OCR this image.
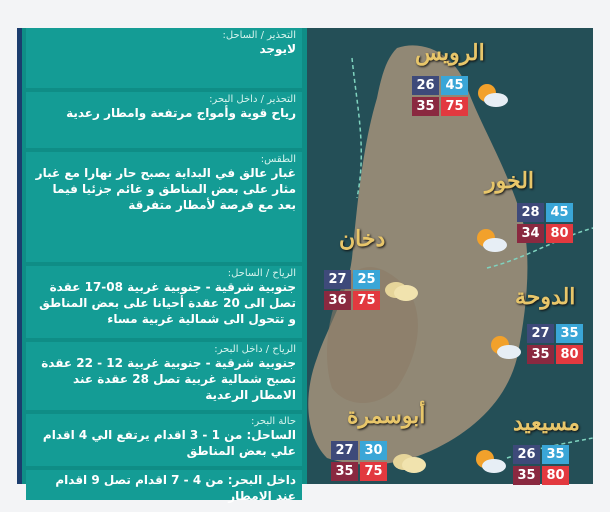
التحذير / الساحل:
لايوجد
التحذير / داخل البحر:
رياح قوية وأمواج مرتفعة وامطار رعدية
الطقس:
غبار عالق في البداية يصبح حار نهارا مع غبار مثار على بعض المناطق و غائم جزئيا فيما بعد مع فرصة لأمطار متفرقة
الرياح / الساحل:
جنوبية شرقية - جنوبية غربية 08-17 عقدة تصل الى 20 عقدة أحيانا على بعض المناطق و تتحول الى شمالية غربية مساء
الرياح / داخل البحر:
جنوبية شرقية - جنوبية غربية 12 - 22 عقدة تصبح شمالية غربية تصل 28 عقدة عند الامطار الرعدية
حالة البحر:
الساحل: من 1 - 3 اقدام يرتفع الي 4 اقدام علي بعض المناطق
داخل البحر: من 4 - 7 اقدام تصل 9 اقدام عند الامطار
الرويس
26 45
35 75
الخور
28 45
34 80
دخان
27 25
36 75	الدوحة
27 35
35 80
أبوسمرة
27 30
35 75
مسيعيد
26 35
35 80
